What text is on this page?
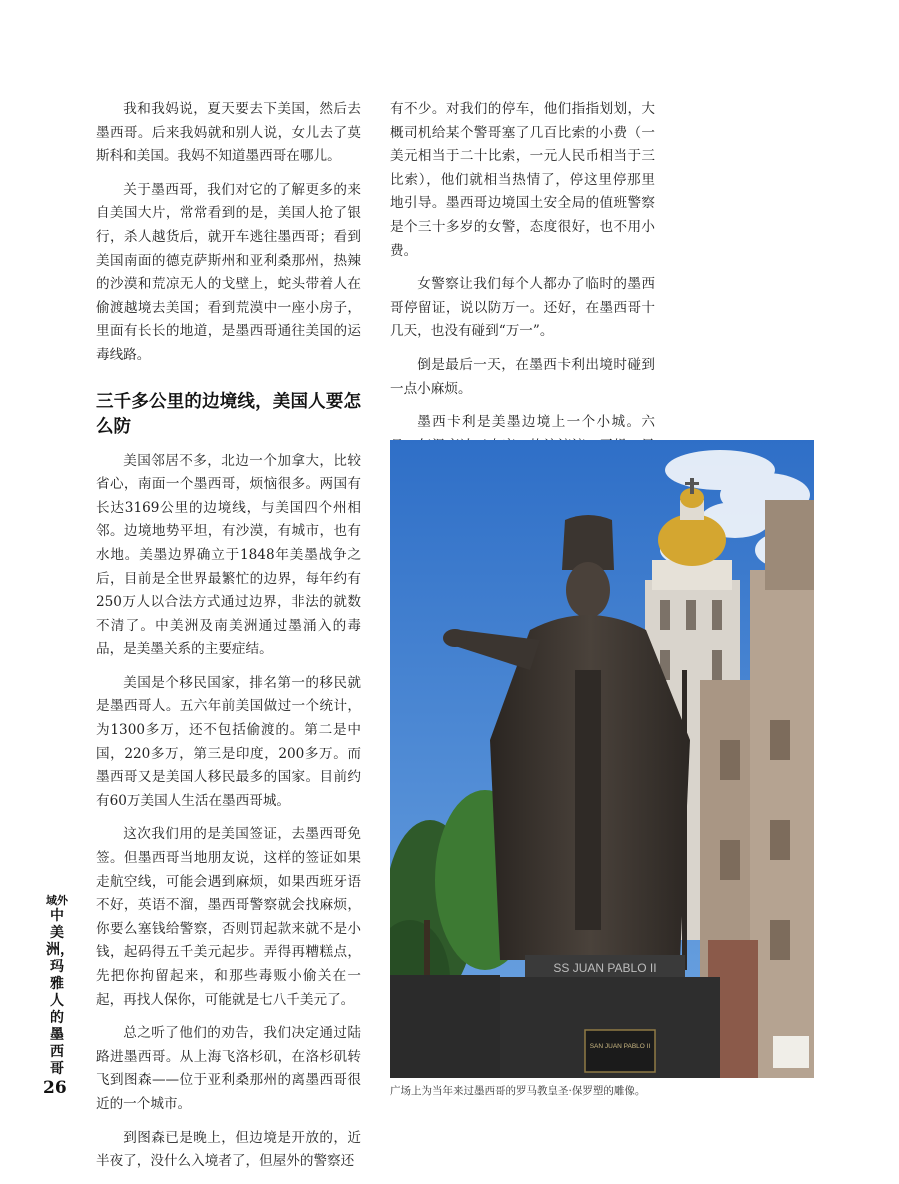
我和我妈说，夏天要去下美国，然后去墨西哥。后来我妈就和别人说，女儿去了莫斯科和美国。我妈不知道墨西哥在哪儿。

关于墨西哥，我们对它的了解更多的来自美国大片，常常看到的是，美国人抢了银行，杀人越货后，就开车逃往墨西哥；看到美国南面的德克萨斯州和亚利桑那州，热辣的沙漠和荒凉无人的戈壁上，蛇头带着人在偷渡越境去美国；看到荒漠中一座小房子，里面有长长的地道，是墨西哥通往美国的运毒线路。

三千多公里的边境线，美国人要怎么防

美国邻居不多，北边一个加拿大，比较省心，南面一个墨西哥，烦恼很多。两国有长达3169公里的边境线，与美国四个州相邻。边境地势平坦，有沙漠，有城市，也有水地。美墨边界确立于1848年美墨战争之后，目前是全世界最繁忙的边界，每年约有250万人以合法方式通过边界，非法的就数不清了。中美洲及南美洲通过墨涌入的毒品，是美墨关系的主要症结。

美国是个移民国家，排名第一的移民就是墨西哥人。五六年前美国做过一个统计，为1300多万，还不包括偷渡的。第二是中国，220多万，第三是印度，200多万。而墨西哥又是美国人移民最多的国家。目前约有60万美国人生活在墨西哥城。

这次我们用的是美国签证，去墨西哥免签。但墨西哥当地朋友说，这样的签证如果走航空线，可能会遇到麻烦，如果西班牙语不好，英语不溜，墨西哥警察就会找麻烦，你要么塞钱给警察，否则罚起款来就不是小钱，起码得五千美元起步。弄得再糟糕点，先把你拘留起来，和那些毒贩小偷关在一起，再找人保你，可能就是七八千美元了。

总之听了他们的劝告，我们决定通过陆路进墨西哥。从上海飞洛杉矶，在洛杉矶转飞到图森——位于亚利桑那州的离墨西哥很近的一个城市。

到图森已是晚上，但边境是开放的，近半夜了，没什么入境者了，但屋外的警察还

有不少。对我们的停车，他们指指划划，大概司机给某个警哥塞了几百比索的小费（一美元相当于二十比索，一元人民币相当于三比索），他们就相当热情了，停这里停那里地引导。墨西哥边境国土安全局的值班警察是个三十多岁的女警，态度很好，也不用小费。

女警察让我们每个人都办了临时的墨西哥停留证，说以防万一。还好，在墨西哥十几天，也没有碰到“万一”。

倒是最后一天，在墨西卡利出境时碰到一点小麻烦。

墨西卡利是美墨边境上一个小城。六

SS JUAN PABLO II
SAN JUAN PABLO II
广场上为当年来过墨西哥的罗马教皇圣·保罗塑的雕像。
域外
中美洲，玛雅人的墨西哥
26
